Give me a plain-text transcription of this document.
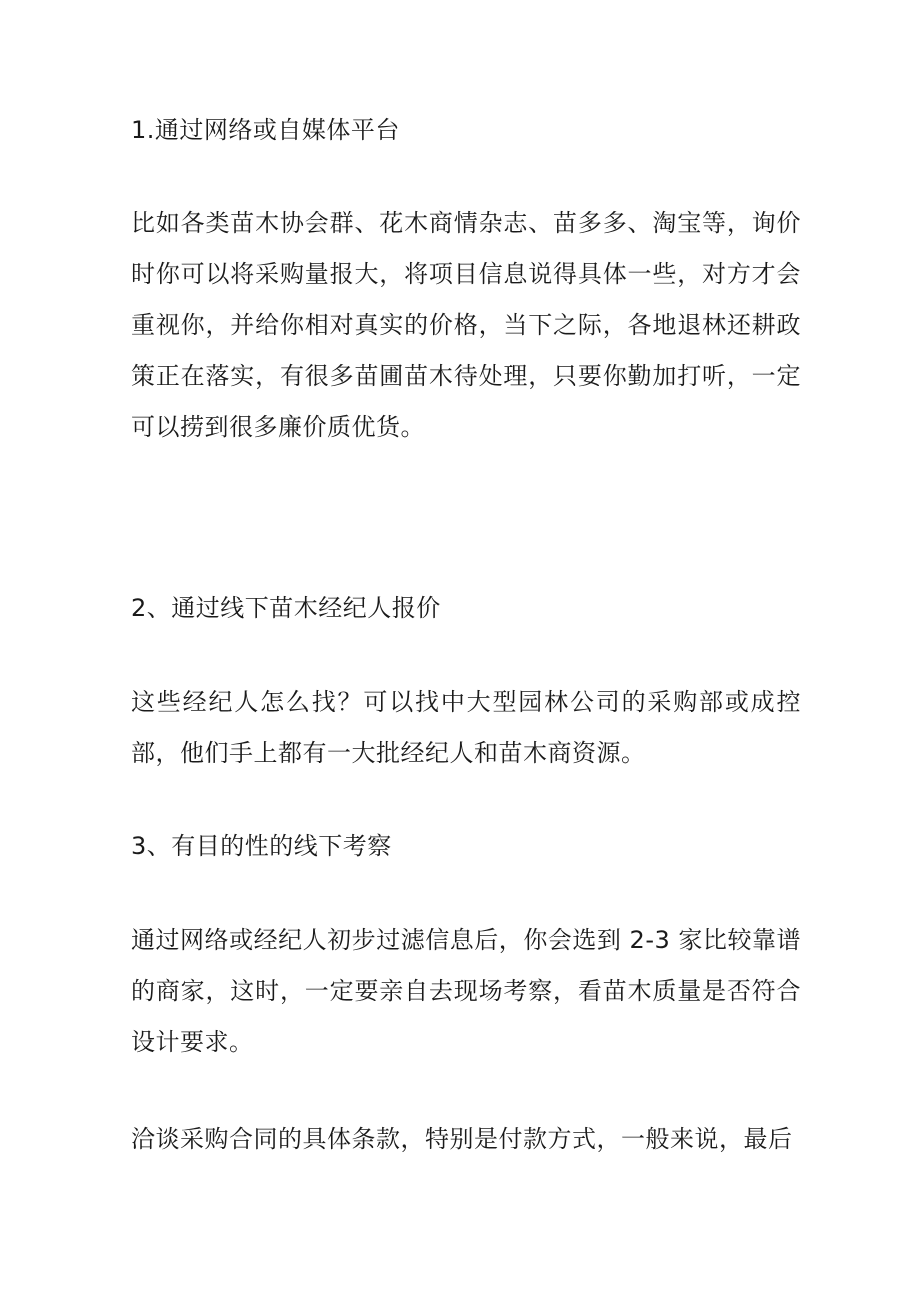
1.通过网络或自媒体平台

比如各类苗木协会群、花木商情杂志、苗多多、淘宝等，询价时你可以将采购量报大，将项目信息说得具体一些，对方才会重视你，并给你相对真实的价格，当下之际，各地退林还耕政策正在落实，有很多苗圃苗木待处理，只要你勤加打听，一定可以捞到很多廉价质优货。

2、通过线下苗木经纪人报价

这些经纪人怎么找？可以找中大型园林公司的采购部或成控部，他们手上都有一大批经纪人和苗木商资源。

3、有目的性的线下考察

通过网络或经纪人初步过滤信息后，你会选到 2-3 家比较靠谱的商家，这时，一定要亲自去现场考察，看苗木质量是否符合设计要求。

洽谈采购合同的具体条款，特别是付款方式，一般来说，最后
